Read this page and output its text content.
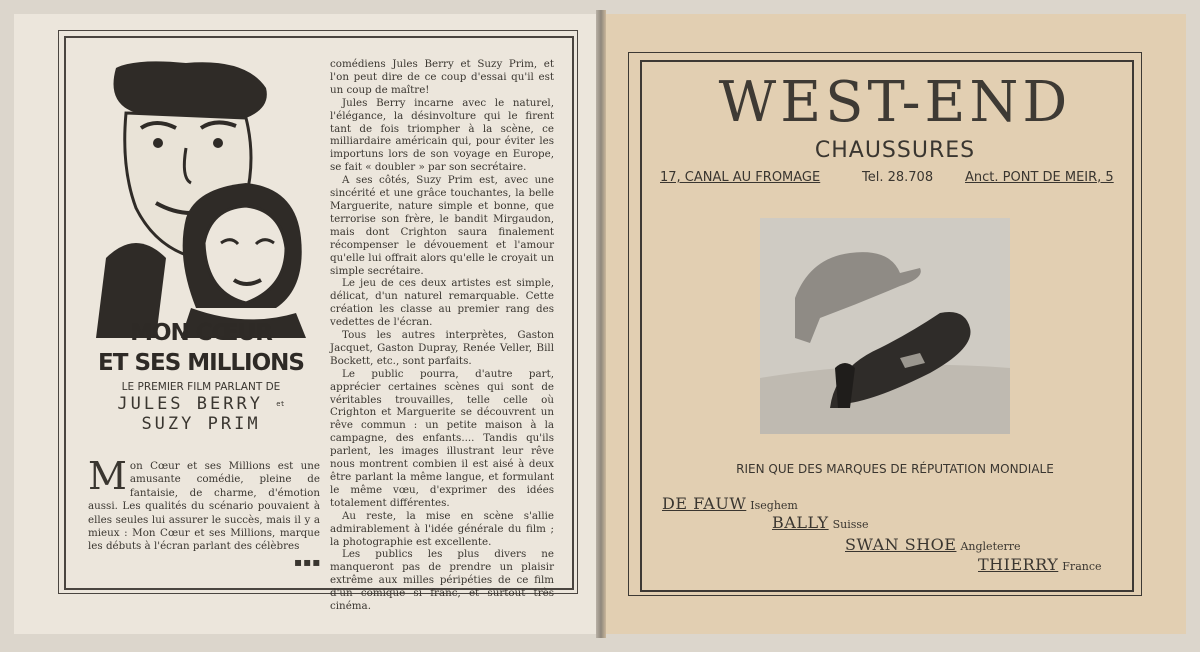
MON CŒUR
ET SES MILLIONS
LE PREMIER FILM PARLANT DE
JULES BERRY et
SUZY PRIM
M on Cœur et ses Millions est une amusante comédie, pleine de fantaisie, de charme, d'émotion aussi. Les qualités du scénario pouvaient à elles seules lui assurer le succès, mais il y a mieux : Mon Cœur et ses Millions, marque les débuts à l'écran parlant des célèbres

comédiens Jules Berry et Suzy Prim, et l'on peut dire de ce coup d'essai qu'il est un coup de maître!

Jules Berry incarne avec le naturel, l'élégance, la désinvolture qui le firent tant de fois triompher à la scène, ce milliardaire américain qui, pour éviter les importuns lors de son voyage en Europe, se fait « doubler » par son secrétaire.

A ses côtés, Suzy Prim est, avec une sincérité et une grâce touchantes, la belle Marguerite, nature simple et bonne, que terrorise son frère, le bandit Mirgaudon, mais dont Crighton saura finalement récompenser le dévouement et l'amour qu'elle lui offrait alors qu'elle le croyait un simple secrétaire.

Le jeu de ces deux artistes est simple, délicat, d'un naturel remarquable. Cette création les classe au premier rang des vedettes de l'écran.

Tous les autres interprètes, Gaston Jacquet, Gaston Dupray, Renée Veller, Bill Bockett, etc., sont parfaits.

Le public pourra, d'autre part, apprécier certaines scènes qui sont de véritables trouvailles, telle celle où Crighton et Marguerite se découvrent un rêve commun : un petite maison à la campagne, des enfants.... Tandis qu'ils parlent, les images illustrant leur rêve nous montrent combien il est aisé à deux être parlant la même langue, et formulant le même vœu, d'exprimer des idées totalement différentes.

Au reste, la mise en scène s'allie admirablement à l'idée générale du film ; la photographie est excellente.

Les publics les plus divers ne manqueront pas de prendre un plaisir extrême aux milles péripéties de ce film d'un comique si franc, et surtout très cinéma.

▪▪▪
WEST-END
CHAUSSURES
17, CANAL AU FROMAGE	Tel. 28.708 Anct. PONT DE MEIR, 5
RIEN QUE DES MARQUES DE RÉPUTATION MONDIALE
DE FAUW Iseghem
BALLY Suisse
SWAN SHOE Angleterre
THIERRY France
